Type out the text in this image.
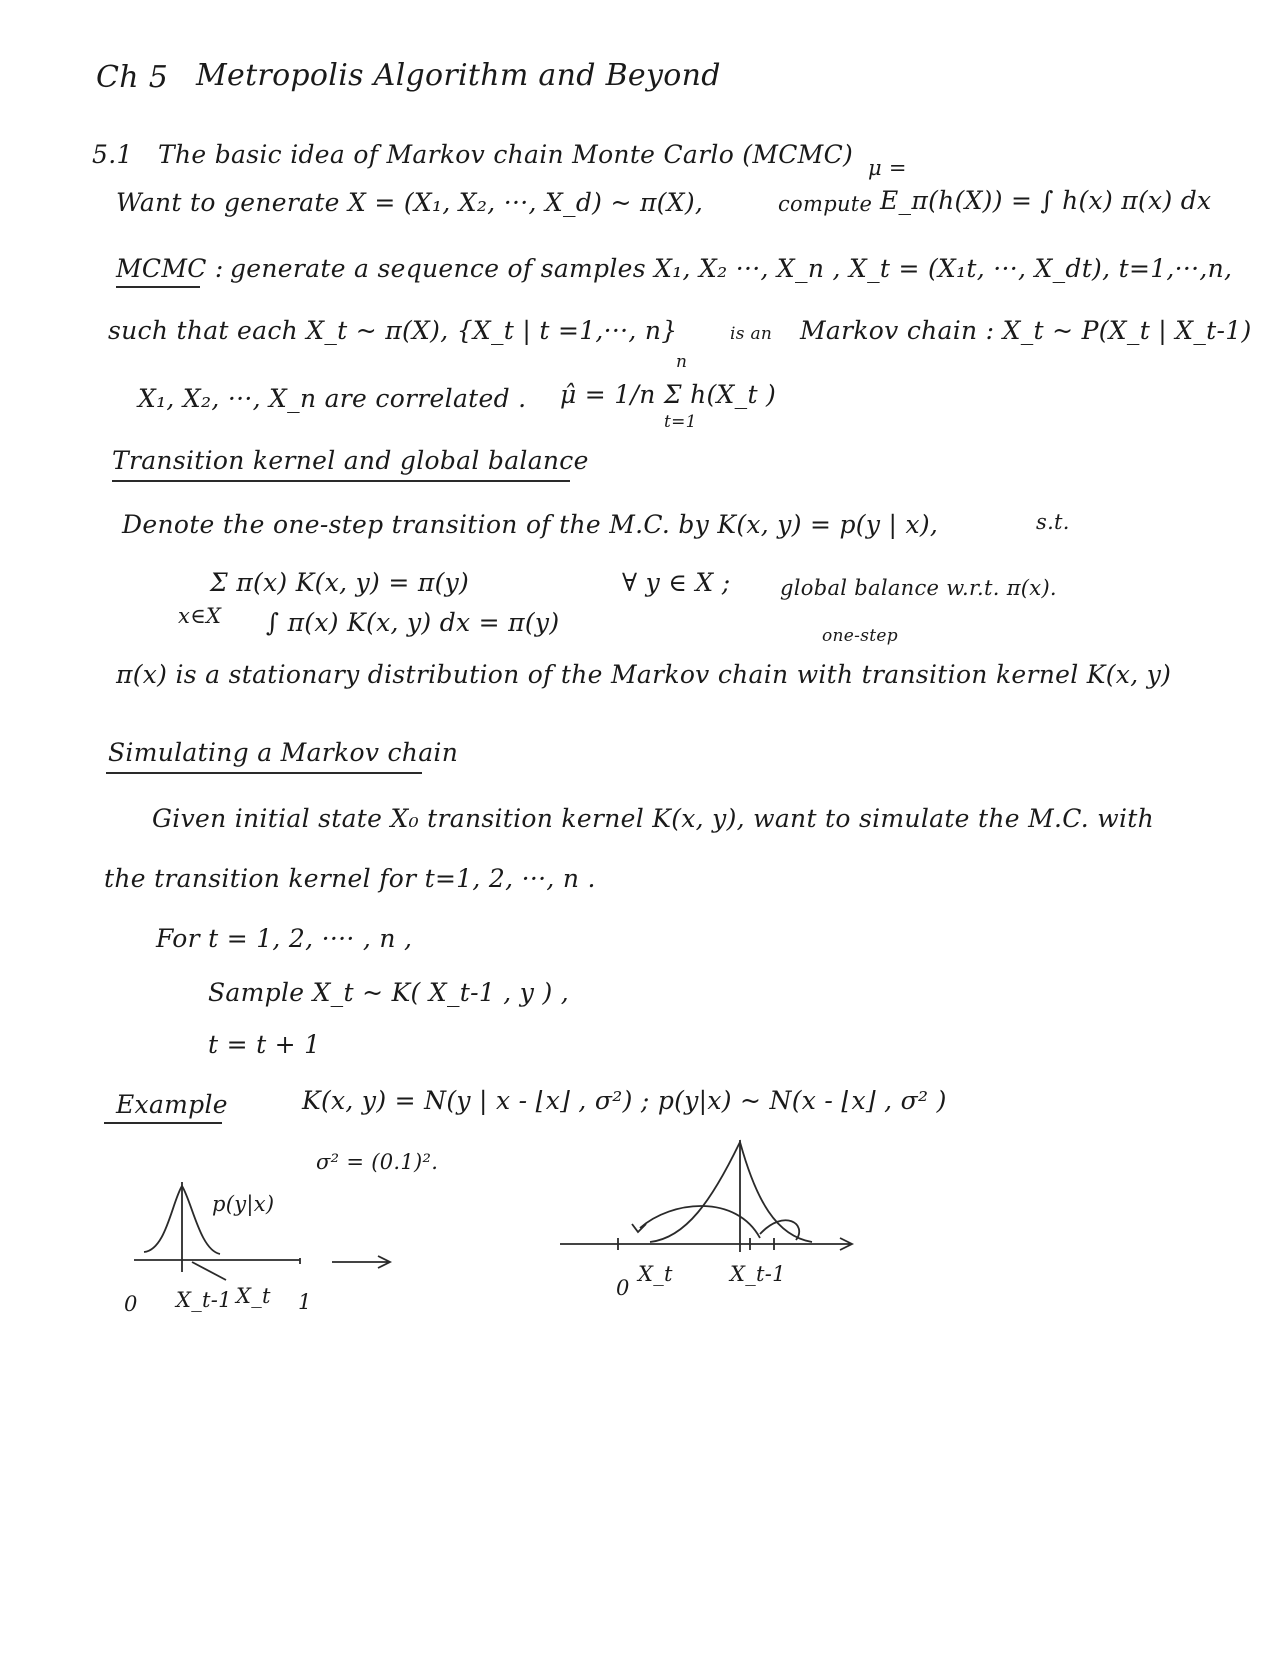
Ch 5 Metropolis Algorithm and Beyond
5.1 The basic idea of Markov chain Monte Carlo (MCMC) μ =
Want to generate X = (X₁, X₂, ···, X_d) ~ π(X),	compute E_π(h(X)) = ∫ h(x) π(x) dx
MCMC : generate a sequence of samples X₁, X₂ ···, X_n , X_t = (X₁t, ···, X_dt), t=1,···,n,
such that each X_t ~ π(X), {X_t | t =1,···, n}	is an Markov chain : X_t ~ P(X_t | X_t-1)
X₁, X₂, ···, X_n are correlated .
n
μ̂ = 1/n Σ h(X_t )
t=1
Transition kernel and global balance
Denote the one-step transition of the M.C. by K(x, y) = p(y | x),	s.t.
Σ π(x) K(x, y) = π(y)
x∈X
∀ y ∈ X ; global balance w.r.t. π(x).
∫ π(x) K(x, y) dx = π(y)	one-step
π(x) is a stationary distribution of the Markov chain with transition kernel K(x, y)
Simulating a Markov chain
Given initial state X₀ transition kernel K(x, y), want to simulate the M.C. with
the transition kernel for t=1, 2, ···, n .
For t = 1, 2, ···· , n ,
Sample X_t ~ K( X_t-1 , y ) ,
t = t + 1
Example	K(x, y) = N(y | x - ⌊x⌋ , σ²) ; p(y|x) ~ N(x - ⌊x⌋ , σ² )
σ² = (0.1)².
p(y|x)
0 X_t-1 X_t 1
0
X_t	X_t-1
